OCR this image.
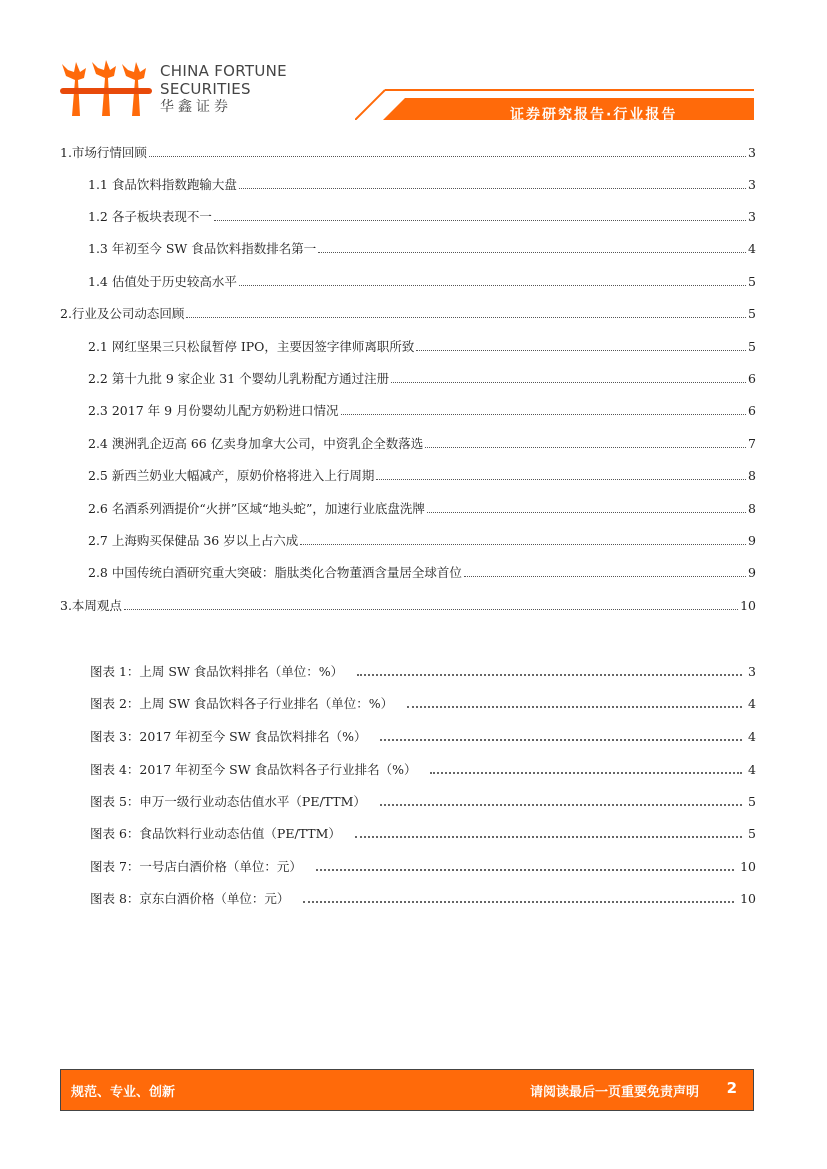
CHINA FORTUNE
SECURITIES
华鑫证券	证券研究报告·行业报告
1.市场行情回顾	3
1.1 食品饮料指数跑输大盘	3
1.2 各子板块表现不一	3
1.3 年初至今 SW 食品饮料指数排名第一	4
1.4 估值处于历史较高水平	5
2.行业及公司动态回顾	5
2.1 网红坚果三只松鼠暂停 IPO，主要因签字律师离职所致	5
2.2 第十九批 9 家企业 31 个婴幼儿乳粉配方通过注册	6
2.3 2017 年 9 月份婴幼儿配方奶粉进口情况	6
2.4 澳洲乳企迈高 66 亿卖身加拿大公司，中资乳企全数落选	7
2.5 新西兰奶业大幅减产，原奶价格将进入上行周期	8
2.6 名酒系列酒提价“火拼”区域“地头蛇”，加速行业底盘洗牌	8
2.7 上海购买保健品 36 岁以上占六成	9
2.8 中国传统白酒研究重大突破：脂肽类化合物董酒含量居全球首位	9
3.本周观点	10
图表 1：上周 SW 食品饮料排名（单位：%）	3
图表 2：上周 SW 食品饮料各子行业排名（单位：%）	4
图表 3：2017 年初至今 SW 食品饮料排名（%）	4
图表 4：2017 年初至今 SW 食品饮料各子行业排名（%）	4
图表 5：申万一级行业动态估值水平（PE/TTM）	5
图表 6：食品饮料行业动态估值（PE/TTM）	5
图表 7：一号店白酒价格（单位：元）	10
图表 8：京东白酒价格（单位：元）	10
规范、专业、创新	请阅读最后一页重要免责声明 2
